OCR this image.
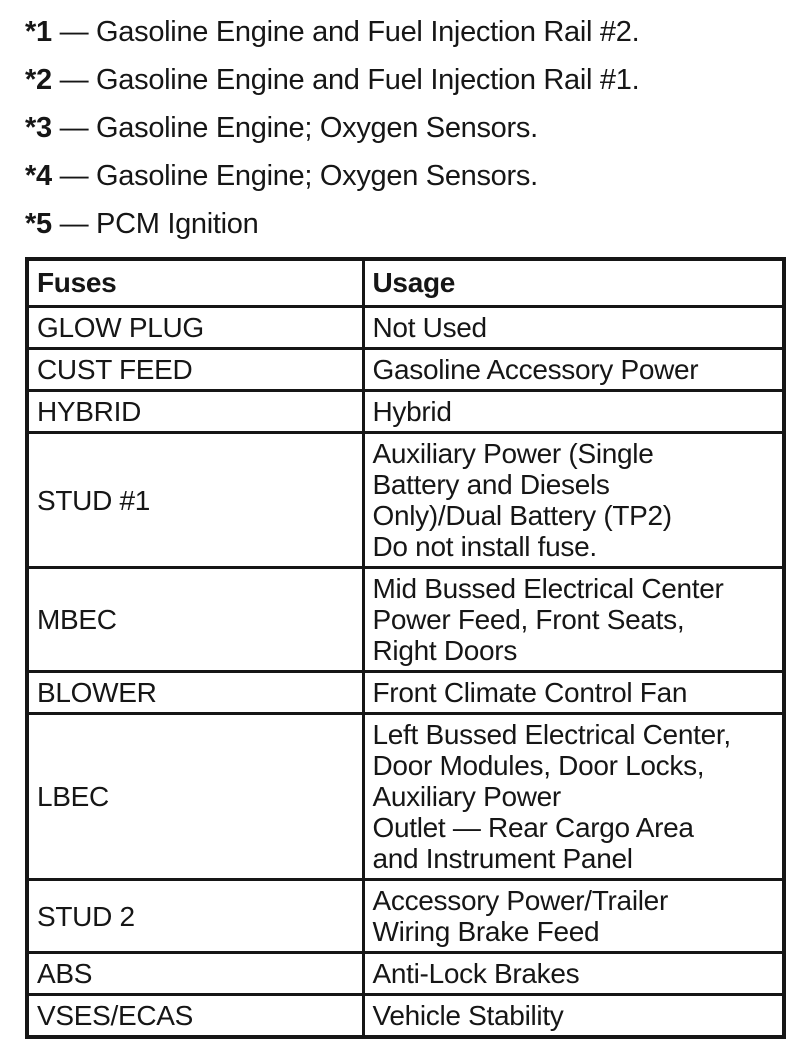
*1 — Gasoline Engine and Fuel Injection Rail #2.

*2 — Gasoline Engine and Fuel Injection Rail #1.

*3 — Gasoline Engine; Oxygen Sensors.

*4 — Gasoline Engine; Oxygen Sensors.

*5 — PCM Ignition

Fuses	Usage
GLOW PLUG	Not Used

CUST FEED	Gasoline Accessory Power

HYBRID	Hybrid

STUD #1	Auxiliary Power (Single
Battery and Diesels
Only)/Dual Battery (TP2)
Do not install fuse.

MBEC	Mid Bussed Electrical Center
Power Feed, Front Seats,
Right Doors

BLOWER	Front Climate Control Fan

LBEC	Left Bussed Electrical Center,
Door Modules, Door Locks,
Auxiliary Power
Outlet — Rear Cargo Area
and Instrument Panel

STUD 2	Accessory Power/Trailer
Wiring Brake Feed

ABS	Anti-Lock Brakes

VSES/ECAS	Vehicle Stability
